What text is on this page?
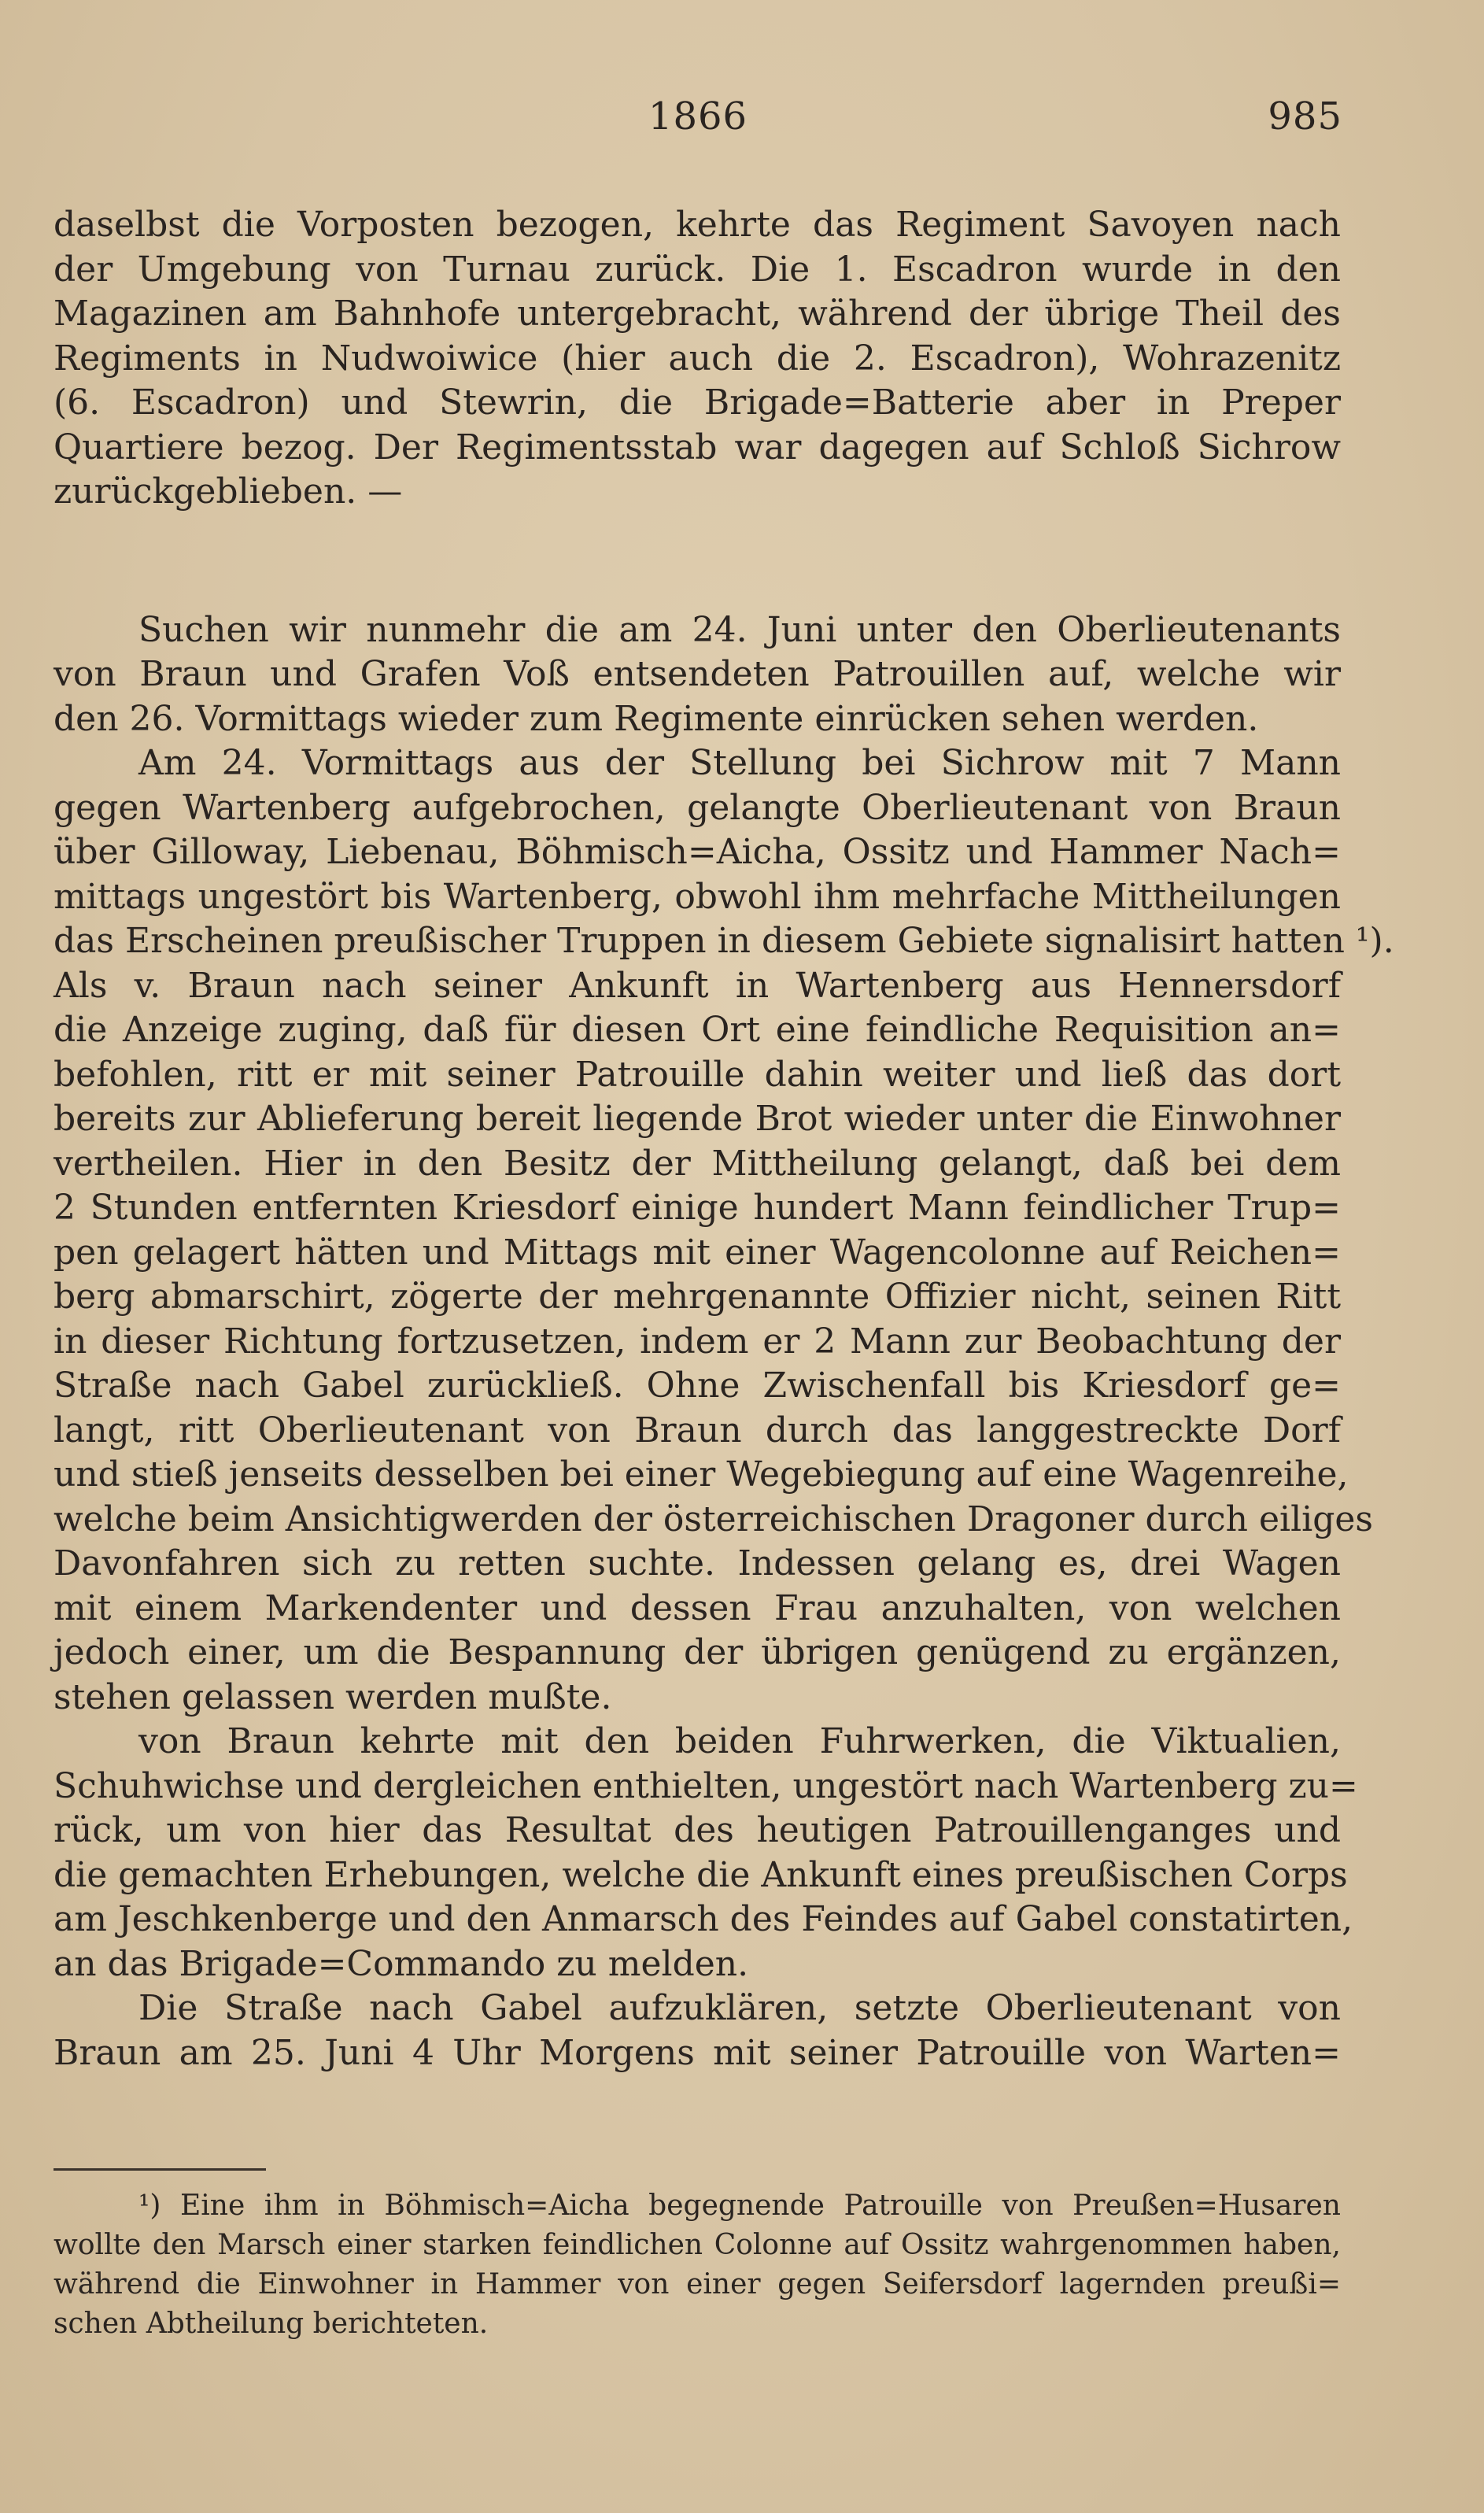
1866	985
daselbst die Vorposten bezogen, kehrte das Regiment Savoyen nach
der Umgebung von Turnau zurück. Die 1. Escadron wurde in den
Magazinen am Bahnhofe untergebracht, während der übrige Theil des
Regiments in Nudwoiwice (hier auch die 2. Escadron), Wohrazenitz
(6. Escadron) und Stewrin, die Brigade=Batterie aber in Preper
Quartiere bezog. Der Regimentsstab war dagegen auf Schloß Sichrow
zurückgeblieben. —
Suchen wir nunmehr die am 24. Juni unter den Oberlieutenants
von Braun und Grafen Voß entsendeten Patrouillen auf, welche wir
den 26. Vormittags wieder zum Regimente einrücken sehen werden.
Am 24. Vormittags aus der Stellung bei Sichrow mit 7 Mann
gegen Wartenberg aufgebrochen, gelangte Oberlieutenant von Braun
über Gilloway, Liebenau, Böhmisch=Aicha, Ossitz und Hammer Nach=
mittags ungestört bis Wartenberg, obwohl ihm mehrfache Mittheilungen
das Erscheinen preußischer Truppen in diesem Gebiete signalisirt hatten ¹).
Als v. Braun nach seiner Ankunft in Wartenberg aus Hennersdorf
die Anzeige zuging, daß für diesen Ort eine feindliche Requisition an=
befohlen, ritt er mit seiner Patrouille dahin weiter und ließ das dort
bereits zur Ablieferung bereit liegende Brot wieder unter die Einwohner
vertheilen. Hier in den Besitz der Mittheilung gelangt, daß bei dem
2 Stunden entfernten Kriesdorf einige hundert Mann feindlicher Trup=
pen gelagert hätten und Mittags mit einer Wagencolonne auf Reichen=
berg abmarschirt, zögerte der mehrgenannte Offizier nicht, seinen Ritt
in dieser Richtung fortzusetzen, indem er 2 Mann zur Beobachtung der
Straße nach Gabel zurückließ. Ohne Zwischenfall bis Kriesdorf ge=
langt, ritt Oberlieutenant von Braun durch das langgestreckte Dorf
und stieß jenseits desselben bei einer Wegebiegung auf eine Wagenreihe,
welche beim Ansichtigwerden der österreichischen Dragoner durch eiliges
Davonfahren sich zu retten suchte. Indessen gelang es, drei Wagen
mit einem Markendenter und dessen Frau anzuhalten, von welchen
jedoch einer, um die Bespannung der übrigen genügend zu ergänzen,
stehen gelassen werden mußte.
von Braun kehrte mit den beiden Fuhrwerken, die Viktualien,
Schuhwichse und dergleichen enthielten, ungestört nach Wartenberg zu=
rück, um von hier das Resultat des heutigen Patrouillenganges und
die gemachten Erhebungen, welche die Ankunft eines preußischen Corps
am Jeschkenberge und den Anmarsch des Feindes auf Gabel constatirten,
an das Brigade=Commando zu melden.
Die Straße nach Gabel aufzuklären, setzte Oberlieutenant von
Braun am 25. Juni 4 Uhr Morgens mit seiner Patrouille von Warten=
¹) Eine ihm in Böhmisch=Aicha begegnende Patrouille von Preußen=Husaren
wollte den Marsch einer starken feindlichen Colonne auf Ossitz wahrgenommen haben,
während die Einwohner in Hammer von einer gegen Seifersdorf lagernden preußi=
schen Abtheilung berichteten.
